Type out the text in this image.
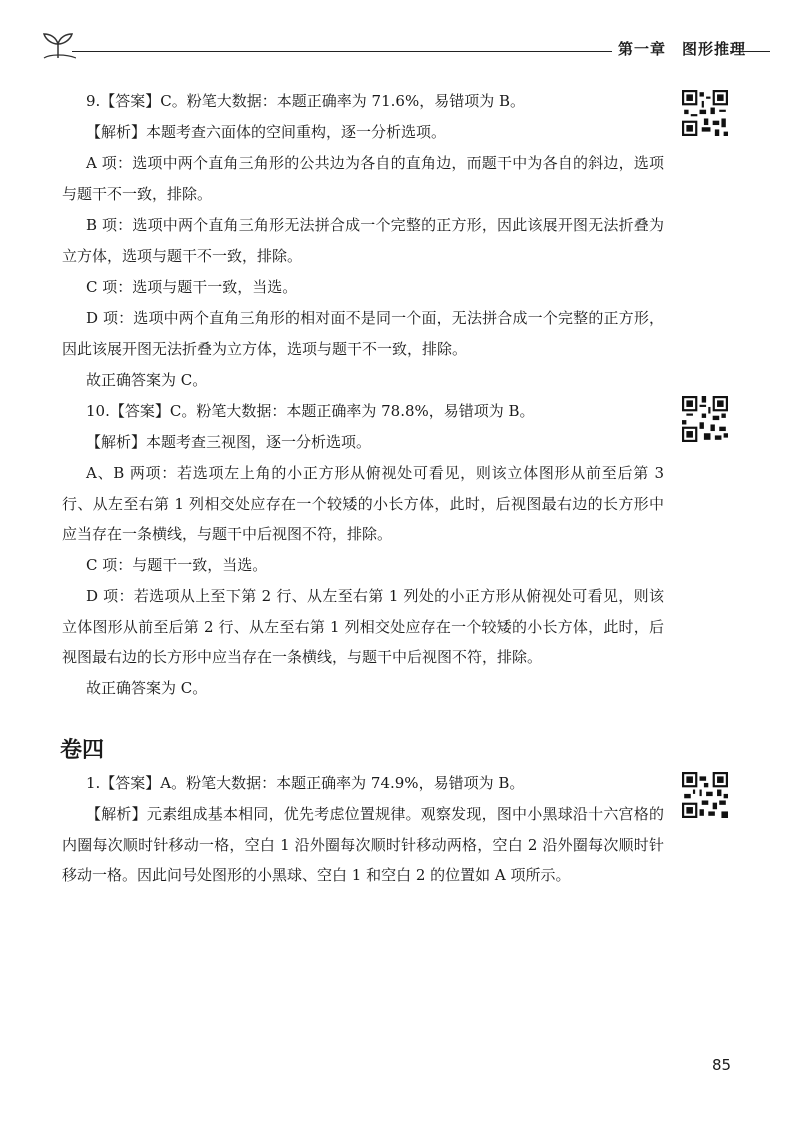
第一章　图形推理

9.【答案】C。粉笔大数据：本题正确率为 71.6%，易错项为 B。

【解析】本题考查六面体的空间重构，逐一分析选项。

A 项：选项中两个直角三角形的公共边为各自的直角边，而题干中为各自的斜边，选项与题干不一致，排除。

B 项：选项中两个直角三角形无法拼合成一个完整的正方形，因此该展开图无法折叠为立方体，选项与题干不一致，排除。

C 项：选项与题干一致，当选。

D 项：选项中两个直角三角形的相对面不是同一个面，无法拼合成一个完整的正方形，因此该展开图无法折叠为立方体，选项与题干不一致，排除。

故正确答案为 C。

10.【答案】C。粉笔大数据：本题正确率为 78.8%，易错项为 B。

【解析】本题考查三视图，逐一分析选项。

A、B 两项：若选项左上角的小正方形从俯视处可看见，则该立体图形从前至后第 3 行、从左至右第 1 列相交处应存在一个较矮的小长方体，此时，后视图最右边的长方形中应当存在一条横线，与题干中后视图不符，排除。

C 项：与题干一致，当选。

D 项：若选项从上至下第 2 行、从左至右第 1 列处的小正方形从俯视处可看见，则该立体图形从前至后第 2 行、从左至右第 1 列相交处应存在一个较矮的小长方体，此时，后视图最右边的长方形中应当存在一条横线，与题干中后视图不符，排除。

故正确答案为 C。

卷四

1.【答案】A。粉笔大数据：本题正确率为 74.9%，易错项为 B。

【解析】元素组成基本相同，优先考虑位置规律。观察发现，图中小黑球沿十六宫格的内圈每次顺时针移动一格，空白 1 沿外圈每次顺时针移动两格，空白 2 沿外圈每次顺时针移动一格。因此问号处图形的小黑球、空白 1 和空白 2 的位置如 A 项所示。

85
